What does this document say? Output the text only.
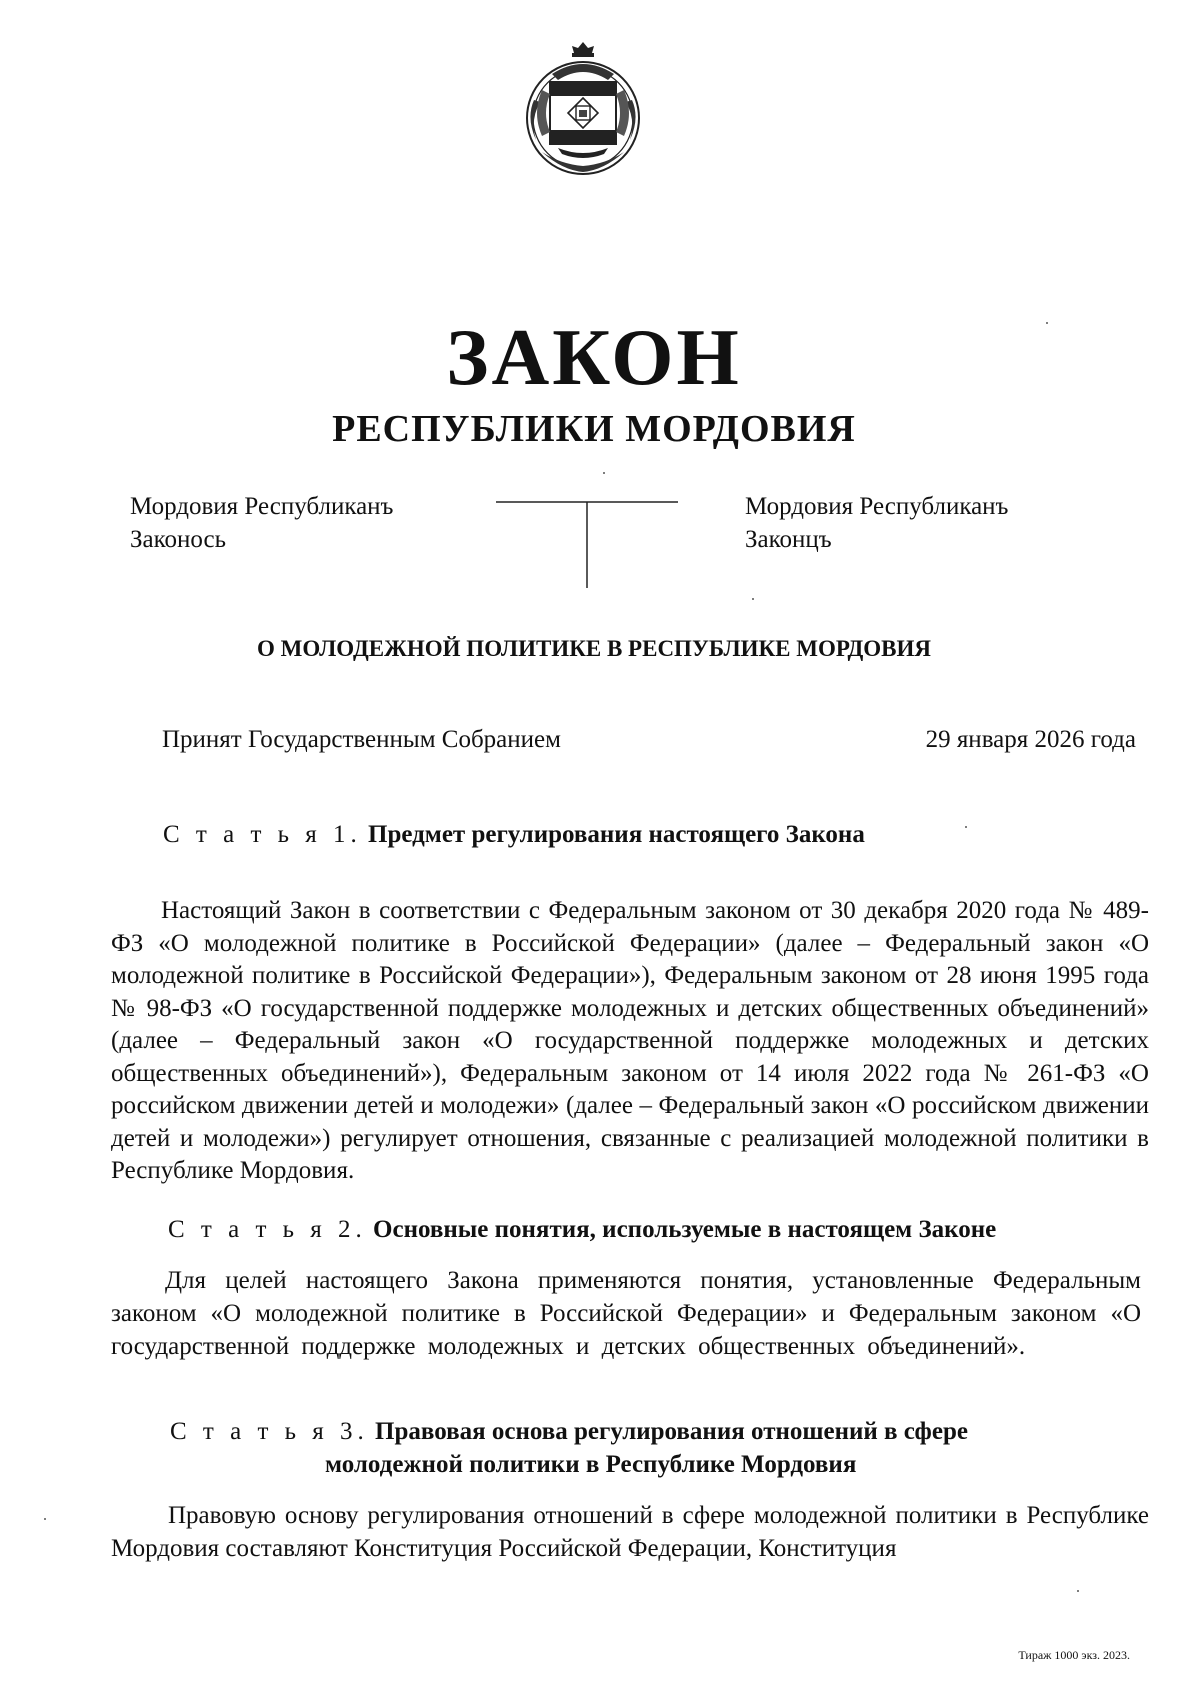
ЗАКОН
РЕСПУБЛИКИ МОРДОВИЯ
Мордовия Республиканъ
Законось
Мордовия Республиканъ
Законцъ
О МОЛОДЕЖНОЙ ПОЛИТИКЕ В РЕСПУБЛИКЕ МОРДОВИЯ
Принят Государственным Собранием	29 января 2026 года
С т а т ь я 1. Предмет регулирования настоящего Закона
Настоящий Закон в соответствии с Федеральным законом от 30 декабря 2020 года № 489-ФЗ «О молодежной политике в Российской Федерации» (далее – Федеральный закон «О молодежной политике в Российской Федерации»), Федеральным законом от 28 июня 1995 года № 98-ФЗ «О государственной поддержке молодежных и детских общественных объединений» (далее – Федеральный закон «О государственной поддержке молодежных и детских общественных объединений»), Федеральным законом от 14 июля 2022 года № 261-ФЗ «О российском движении детей и молодежи» (далее – Федеральный закон «О российском движении детей и молодежи») регулирует отношения, связанные с реализацией молодежной политики в Республике Мордовия.
С т а т ь я 2. Основные понятия, используемые в настоящем Законе
Для целей настоящего Закона применяются понятия, установленные Федеральным законом «О молодежной политике в Российской Федерации» и Федеральным законом «О государственной поддержке молодежных и детских общественных объединений».
С т а т ь я 3. Правовая основа регулирования отношений в сфере
молодежной политики в Республике Мордовия
Правовую основу регулирования отношений в сфере молодежной политики в Республике Мордовия составляют Конституция Российской Федерации, Конституция
Тираж 1000 экз. 2023.
